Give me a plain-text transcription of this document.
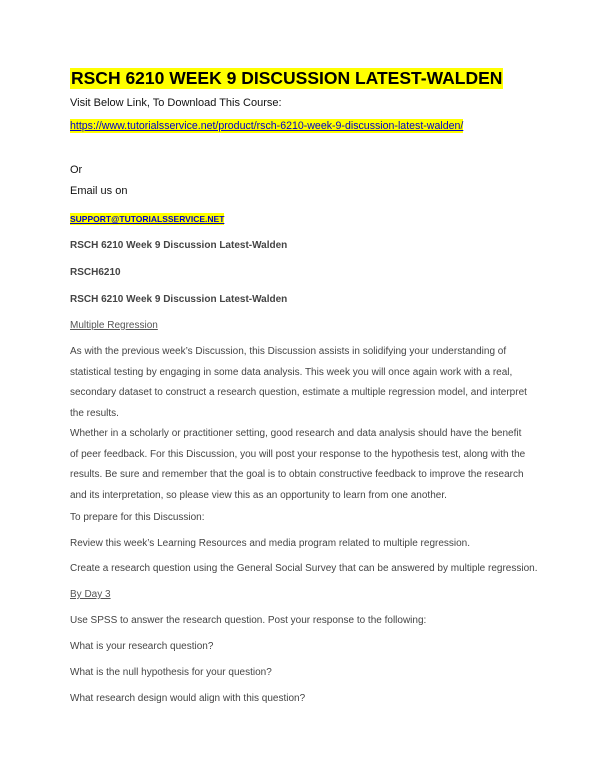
RSCH 6210 WEEK 9 DISCUSSION LATEST-WALDEN
Visit Below Link, To Download This Course:
https://www.tutorialsservice.net/product/rsch-6210-week-9-discussion-latest-walden/
Or
Email us on
SUPPORT@TUTORIALSSERVICE.NET
RSCH 6210 Week 9 Discussion Latest-Walden
RSCH6210
RSCH 6210 Week 9 Discussion Latest-Walden
Multiple Regression
As with the previous week’s Discussion, this Discussion assists in solidifying your understanding of statistical testing by engaging in some data analysis. This week you will once again work with a real, secondary dataset to construct a research question, estimate a multiple regression model, and interpret the results.
Whether in a scholarly or practitioner setting, good research and data analysis should have the benefit of peer feedback. For this Discussion, you will post your response to the hypothesis test, along with the results. Be sure and remember that the goal is to obtain constructive feedback to improve the research and its interpretation, so please view this as an opportunity to learn from one another.
To prepare for this Discussion:
Review this week’s Learning Resources and media program related to multiple regression.
Create a research question using the General Social Survey that can be answered by multiple regression.
By Day 3
Use SPSS to answer the research question. Post your response to the following:
What is your research question?
What is the null hypothesis for your question?
What research design would align with this question?
